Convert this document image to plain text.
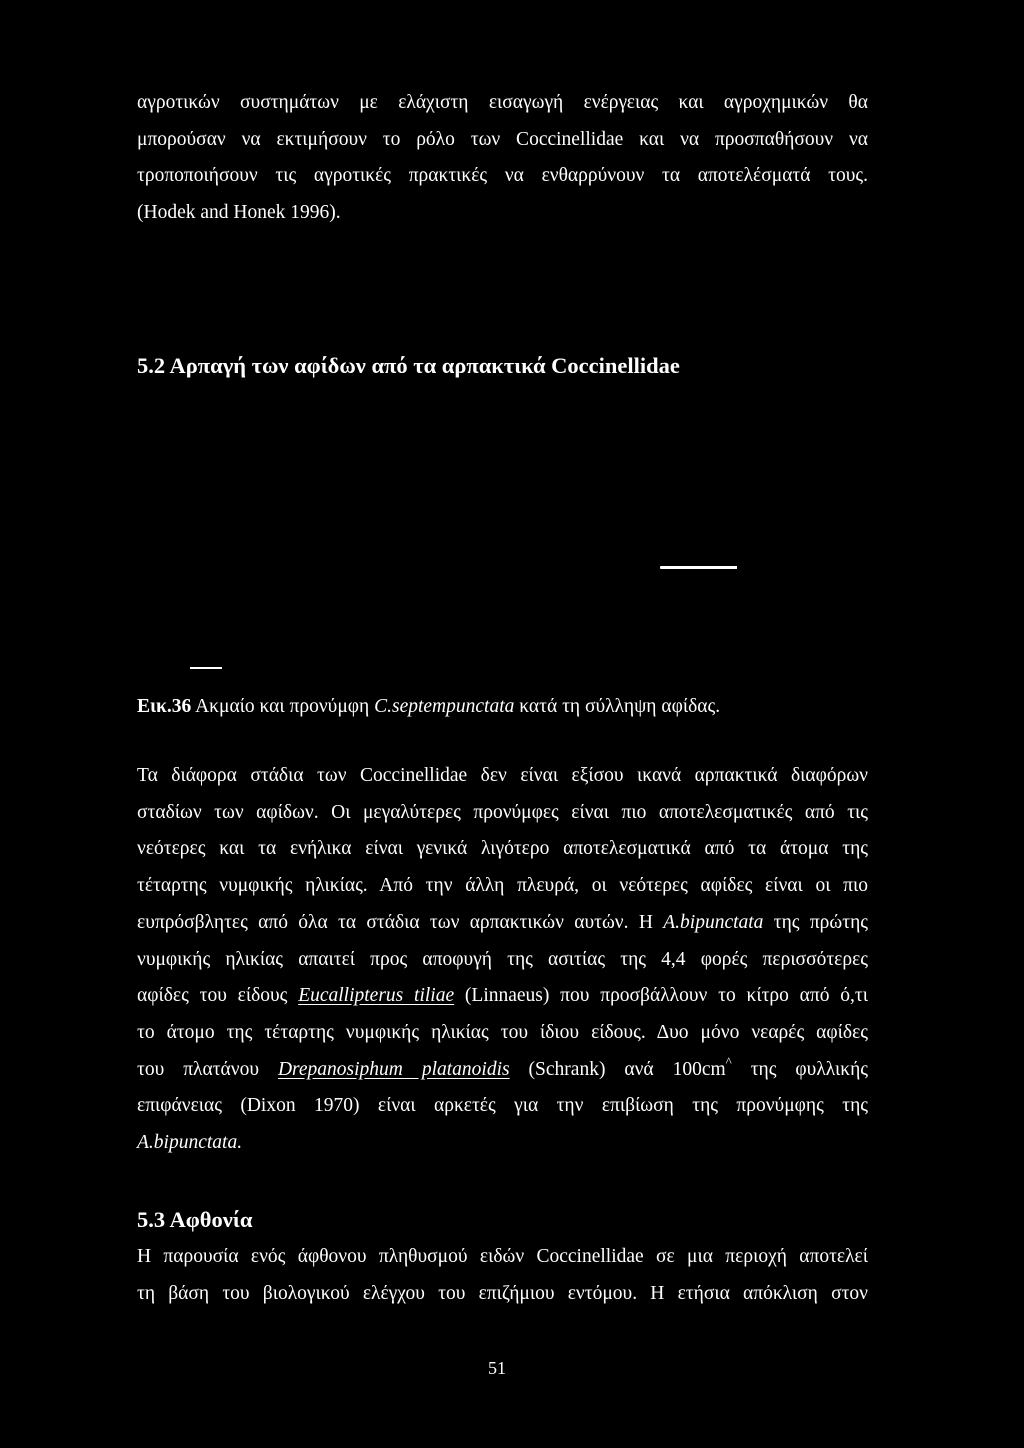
αγροτικών συστημάτων με ελάχιστη εισαγωγή ενέργειας και αγροχημικών θα
μπορούσαν να εκτιμήσουν το ρόλο των Coccinellidae και να προσπαθήσουν να
τροποποιήσουν τις αγροτικές πρακτικές να ενθαρρύνουν τα αποτελέσματά τους.
(Hodek and Honek 1996).
5.2 Αρπαγή των αφίδων από τα αρπακτικά Coccinellidae
Εικ.36 Ακμαίο και προνύμφη C.septempunctata κατά τη σύλληψη αφίδας.
Τα διάφορα στάδια των Coccinellidae δεν είναι εξίσου ικανά αρπακτικά διαφόρων
σταδίων των αφίδων. Οι μεγαλύτερες προνύμφες είναι πιο αποτελεσματικές από τις
νεότερες και τα ενήλικα είναι γενικά λιγότερο αποτελεσματικά από τα άτομα της
τέταρτης νυμφικής ηλικίας. Από την άλλη πλευρά, οι νεότερες αφίδες είναι οι πιο
ευπρόσβλητες από όλα τα στάδια των αρπακτικών αυτών. Η A.bipunctata της πρώτης
νυμφικής ηλικίας απαιτεί προς αποφυγή της ασιτίας της 4,4 φορές περισσότερες
αφίδες του είδους Eucallipterus tiliae (Linnaeus) που προσβάλλουν το κίτρο από ό,τι
το άτομο της τέταρτης νυμφικής ηλικίας του ίδιου είδους. Δυο μόνο νεαρές αφίδες
του πλατάνου Drepanosiphum platanoidis (Schrank) ανά 100cm^ της φυλλικής
επιφάνειας (Dixon 1970) είναι αρκετές για την επιβίωση της προνύμφης της
A.bipunctata.
5.3 Αφθονία
Η παρουσία ενός άφθονου πληθυσμού ειδών Coccinellidae σε μια περιοχή αποτελεί
τη βάση του βιολογικού ελέγχου του επιζήμιου εντόμου. Η ετήσια απόκλιση στον
51
